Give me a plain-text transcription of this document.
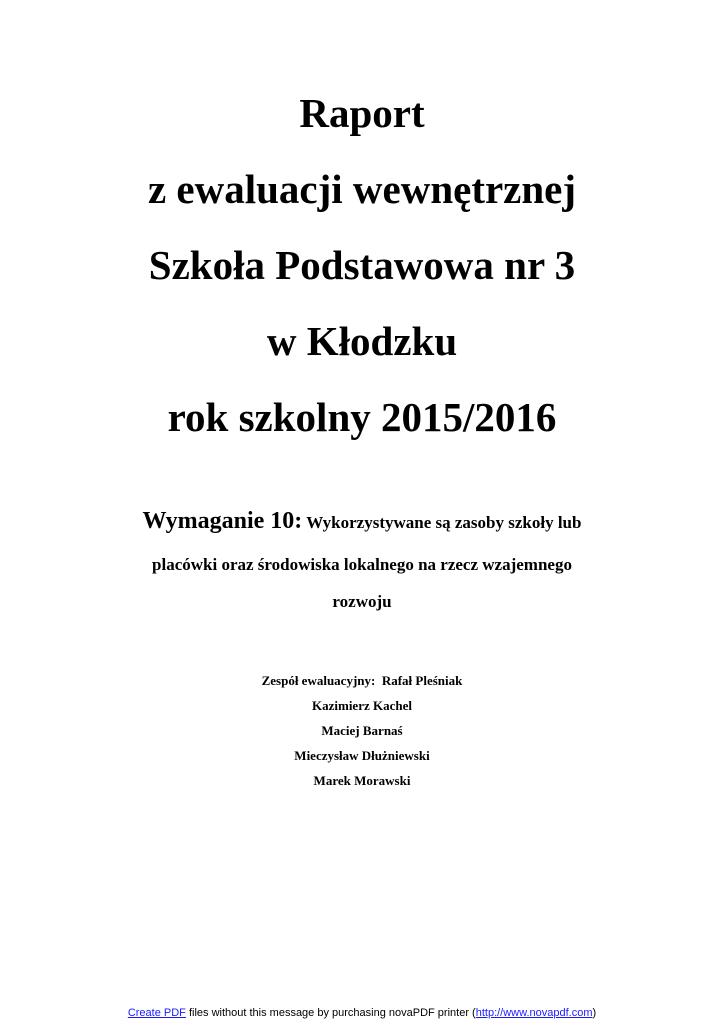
Raport
z ewaluacji wewnętrznej
Szkoła Podstawowa nr 3
w Kłodzku
rok szkolny 2015/2016
Wymaganie 10: Wykorzystywane są zasoby szkoły lub
placówki oraz środowiska lokalnego na rzecz wzajemnego
rozwoju
Zespół ewaluacyjny: Rafał Pleśniak
Kazimierz Kachel
Maciej Barnaś
Mieczysław Dłużniewski
Marek Morawski
Create PDF files without this message by purchasing novaPDF printer (http://www.novapdf.com)
